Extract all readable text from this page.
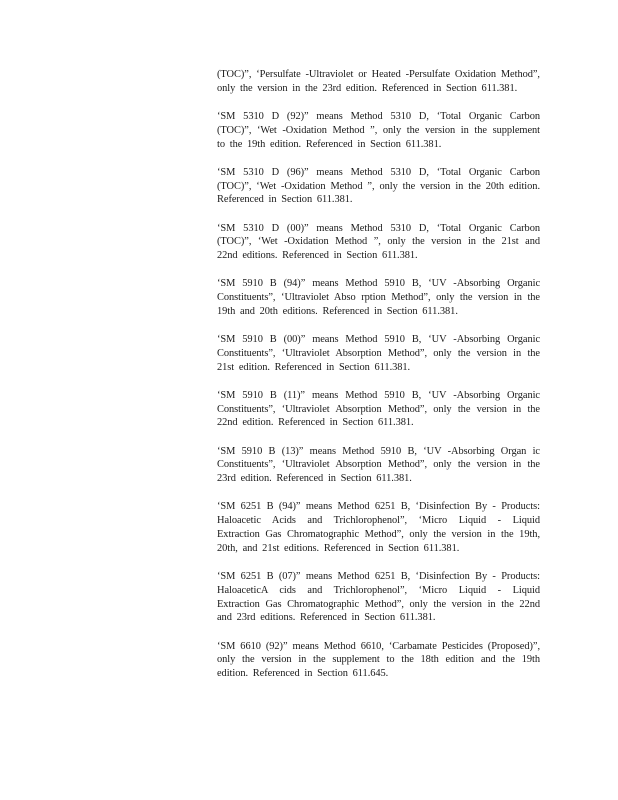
(TOC)”, ‘Persulfate -Ultraviolet or Heated -Persulfate Oxidation Method”, only the version in the 23rd edition. Referenced in Section 611.381.

‘SM 5310 D (92)” means Method 5310 D, ‘Total Organic Carbon (TOC)”, ‘Wet -Oxidation Method ”, only the version in the supplement to the 19th edition. Referenced in Section 611.381.

‘SM 5310 D (96)” means Method 5310 D, ‘Total Organic Carbon (TOC)”, ‘Wet -Oxidation Method ”, only the version in the 20th edition. Referenced in Section 611.381.

‘SM 5310 D (00)” means Method 5310 D, ‘Total Organic Carbon (TOC)”, ‘Wet -Oxidation Method ”, only the version in the 21st and 22nd editions. Referenced in Section 611.381.

‘SM 5910 B (94)” means Method 5910 B, ‘UV -Absorbing Organic Constituents”, ‘Ultraviolet Abso rption Method”, only the version in the 19th and 20th editions. Referenced in Section 611.381.

‘SM 5910 B (00)” means Method 5910 B, ‘UV -Absorbing Organic Constituents”, ‘Ultraviolet Absorption Method”, only the version in the 21st edition. Referenced in Section 611.381.

‘SM 5910 B (11)” means Method 5910 B, ‘UV -Absorbing Organic Constituents”, ‘Ultraviolet Absorption Method”, only the version in the 22nd edition. Referenced in Section 611.381.

‘SM 5910 B (13)” means Method 5910 B, ‘UV -Absorbing Organ ic Constituents”, ‘Ultraviolet Absorption Method”, only the version in the 23rd edition. Referenced in Section 611.381.

‘SM 6251 B (94)” means Method 6251 B, ‘Disinfection By - Products: Haloacetic Acids and Trichlorophenol”, ‘Micro Liquid - Liquid Extraction Gas Chromatographic Method”, only the version in the 19th, 20th, and 21st editions. Referenced in Section 611.381.

‘SM 6251 B (07)” means Method 6251 B, ‘Disinfection By - Products: HaloaceticA cids and Trichlorophenol”, ‘Micro Liquid - Liquid Extraction Gas Chromatographic Method”, only the version in the 22nd and 23rd editions. Referenced in Section 611.381.

‘SM 6610 (92)” means Method 6610, ‘Carbamate Pesticides (Proposed)”, only the version in the supplement to the 18th edition and the 19th edition. Referenced in Section 611.645.
